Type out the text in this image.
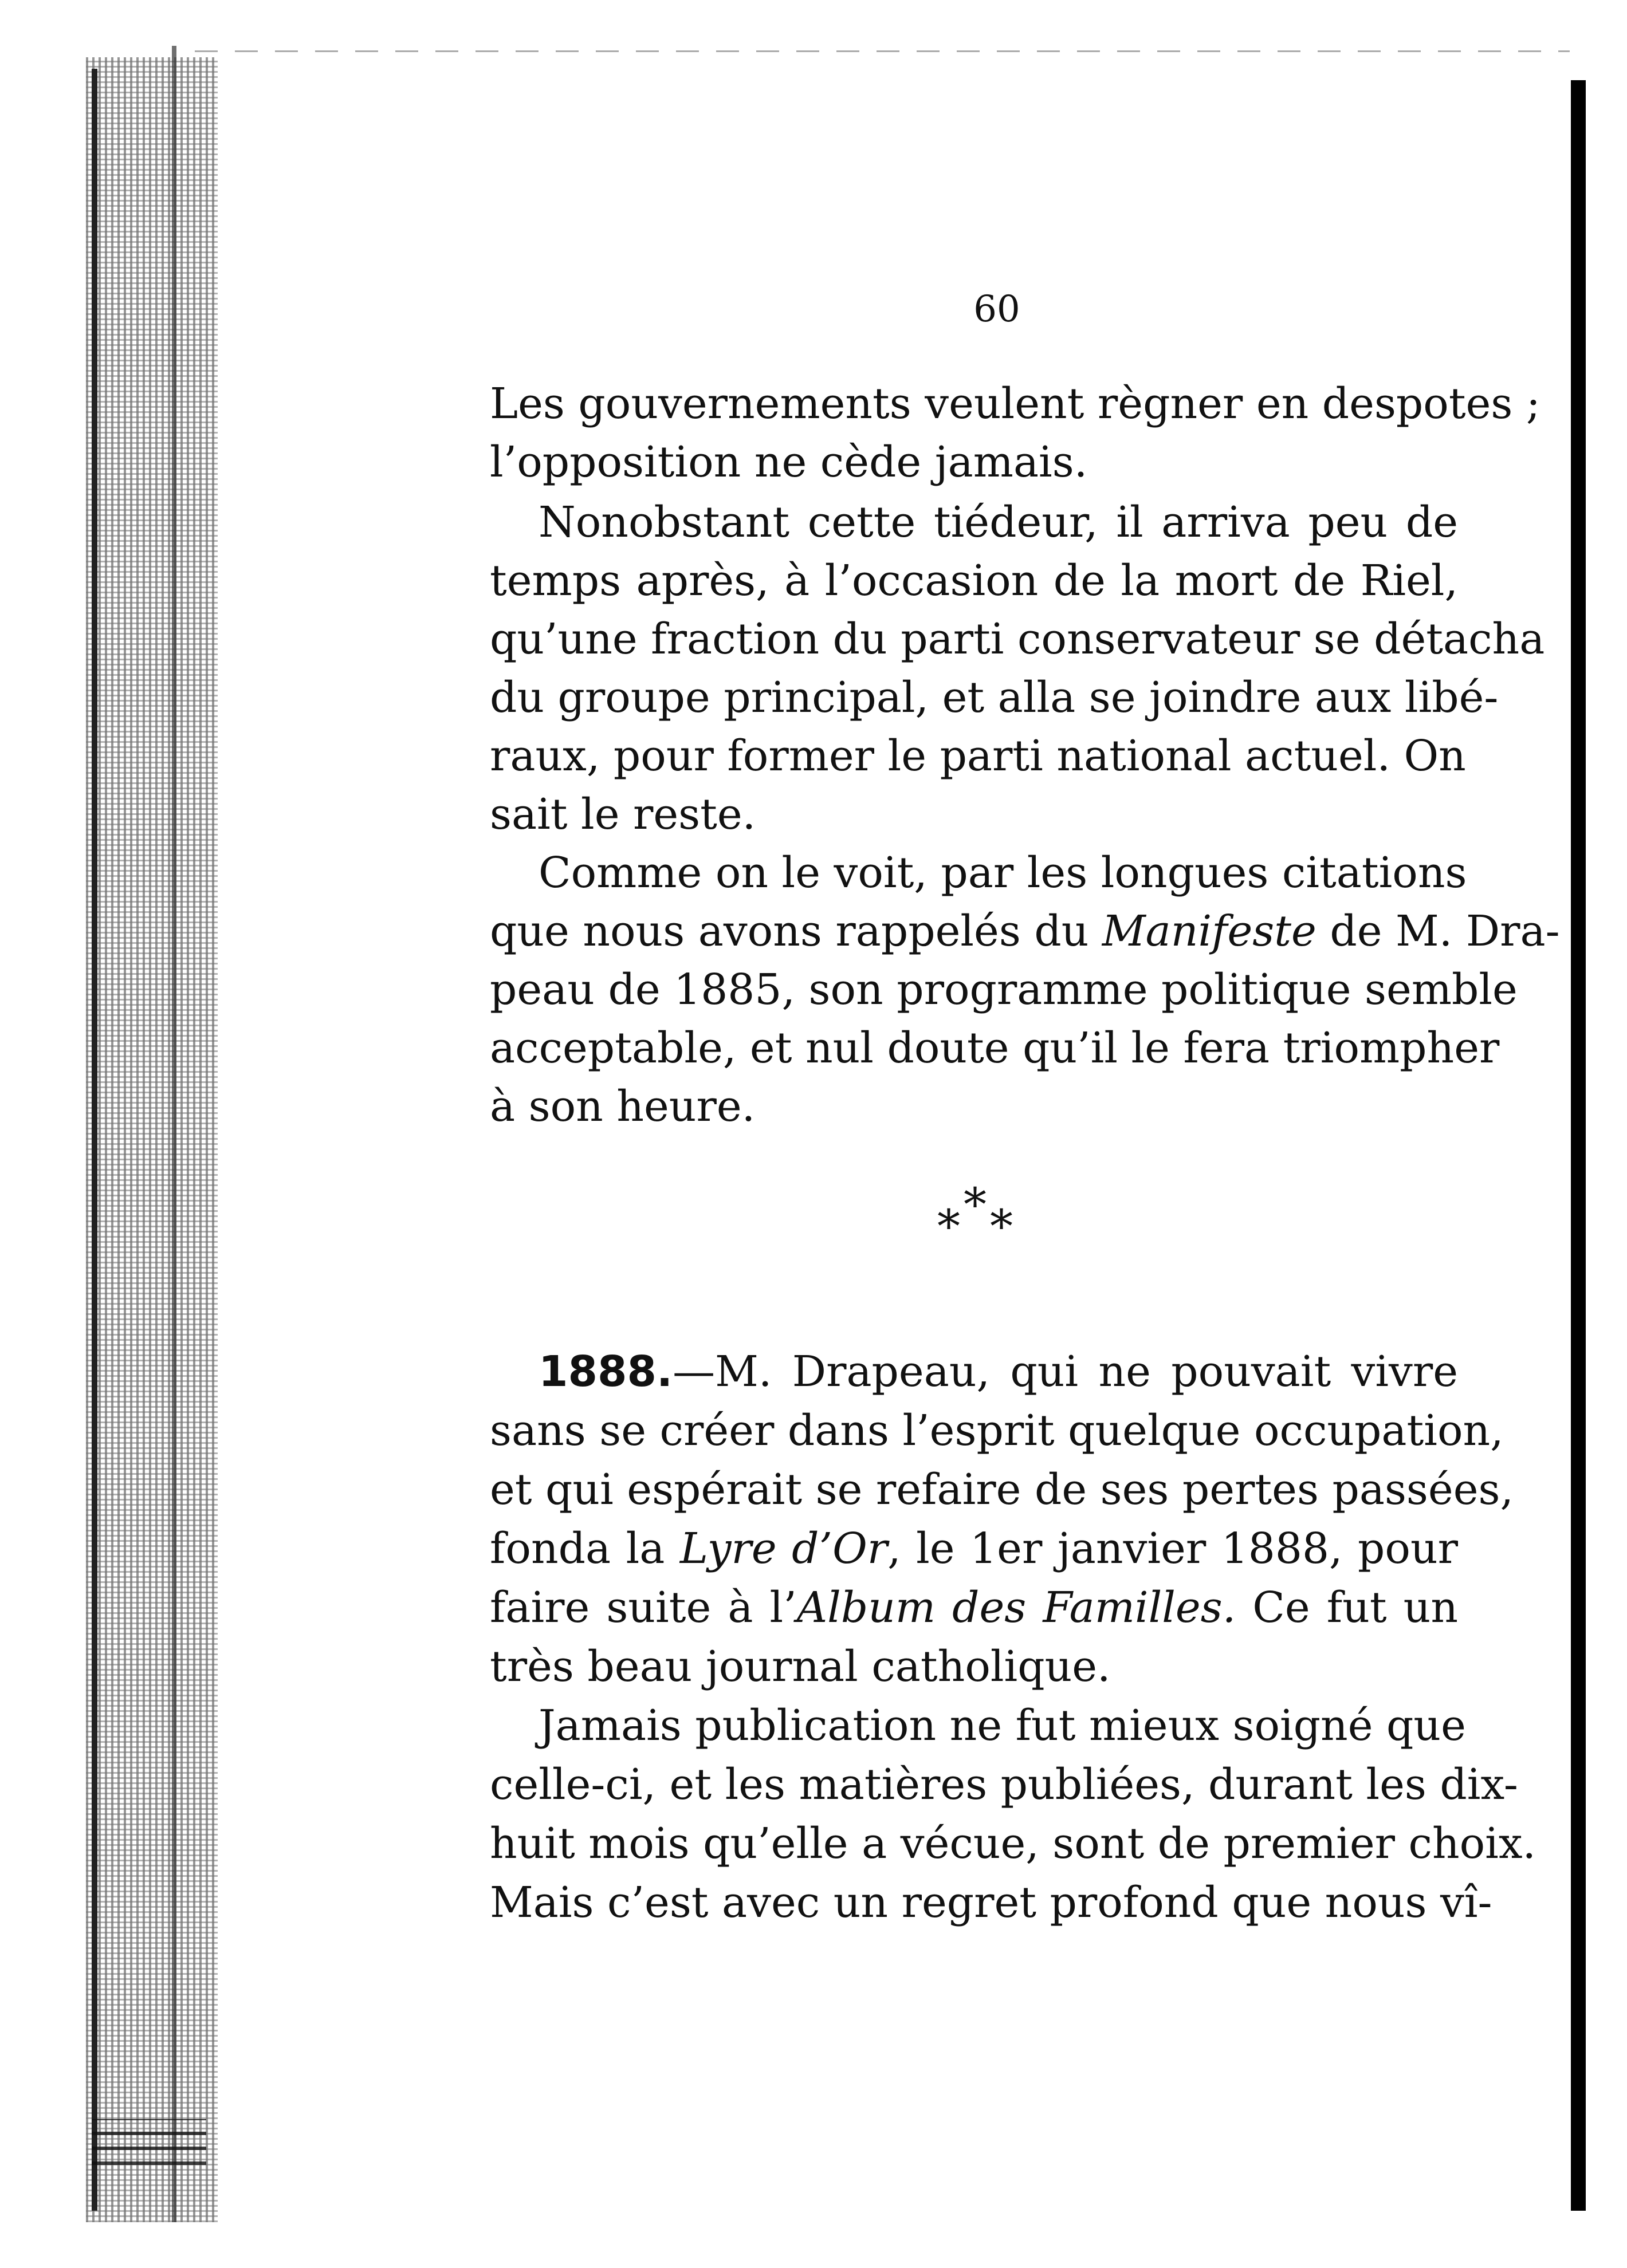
60
Les gouvernements veulent règner en despotes ;
l’opposition ne cède jamais.
Nonobstant cette tiédeur, il arriva peu de
temps après, à l’occasion de la mort de Riel,
qu’une fraction du parti conservateur se détacha
du groupe principal, et alla se joindre aux libé-
raux, pour former le parti national actuel. On
sait le reste.
Comme on le voit, par les longues citations
que nous avons rappelés du Manifeste de M. Dra-
peau de 1885, son programme politique semble
acceptable, et nul doute qu’il le fera triompher
à son heure.
* * *
1888.—M. Drapeau, qui ne pouvait vivre
sans se créer dans l’esprit quelque occupation,
et qui espérait se refaire de ses pertes passées,
fonda la Lyre d’Or, le 1er janvier 1888, pour
faire suite à l’Album des Familles. Ce fut un
très beau journal catholique.
Jamais publication ne fut mieux soigné que
celle-ci, et les matières publiées, durant les dix-
huit mois qu’elle a vécue, sont de premier choix.
Mais c’est avec un regret profond que nous vî-
